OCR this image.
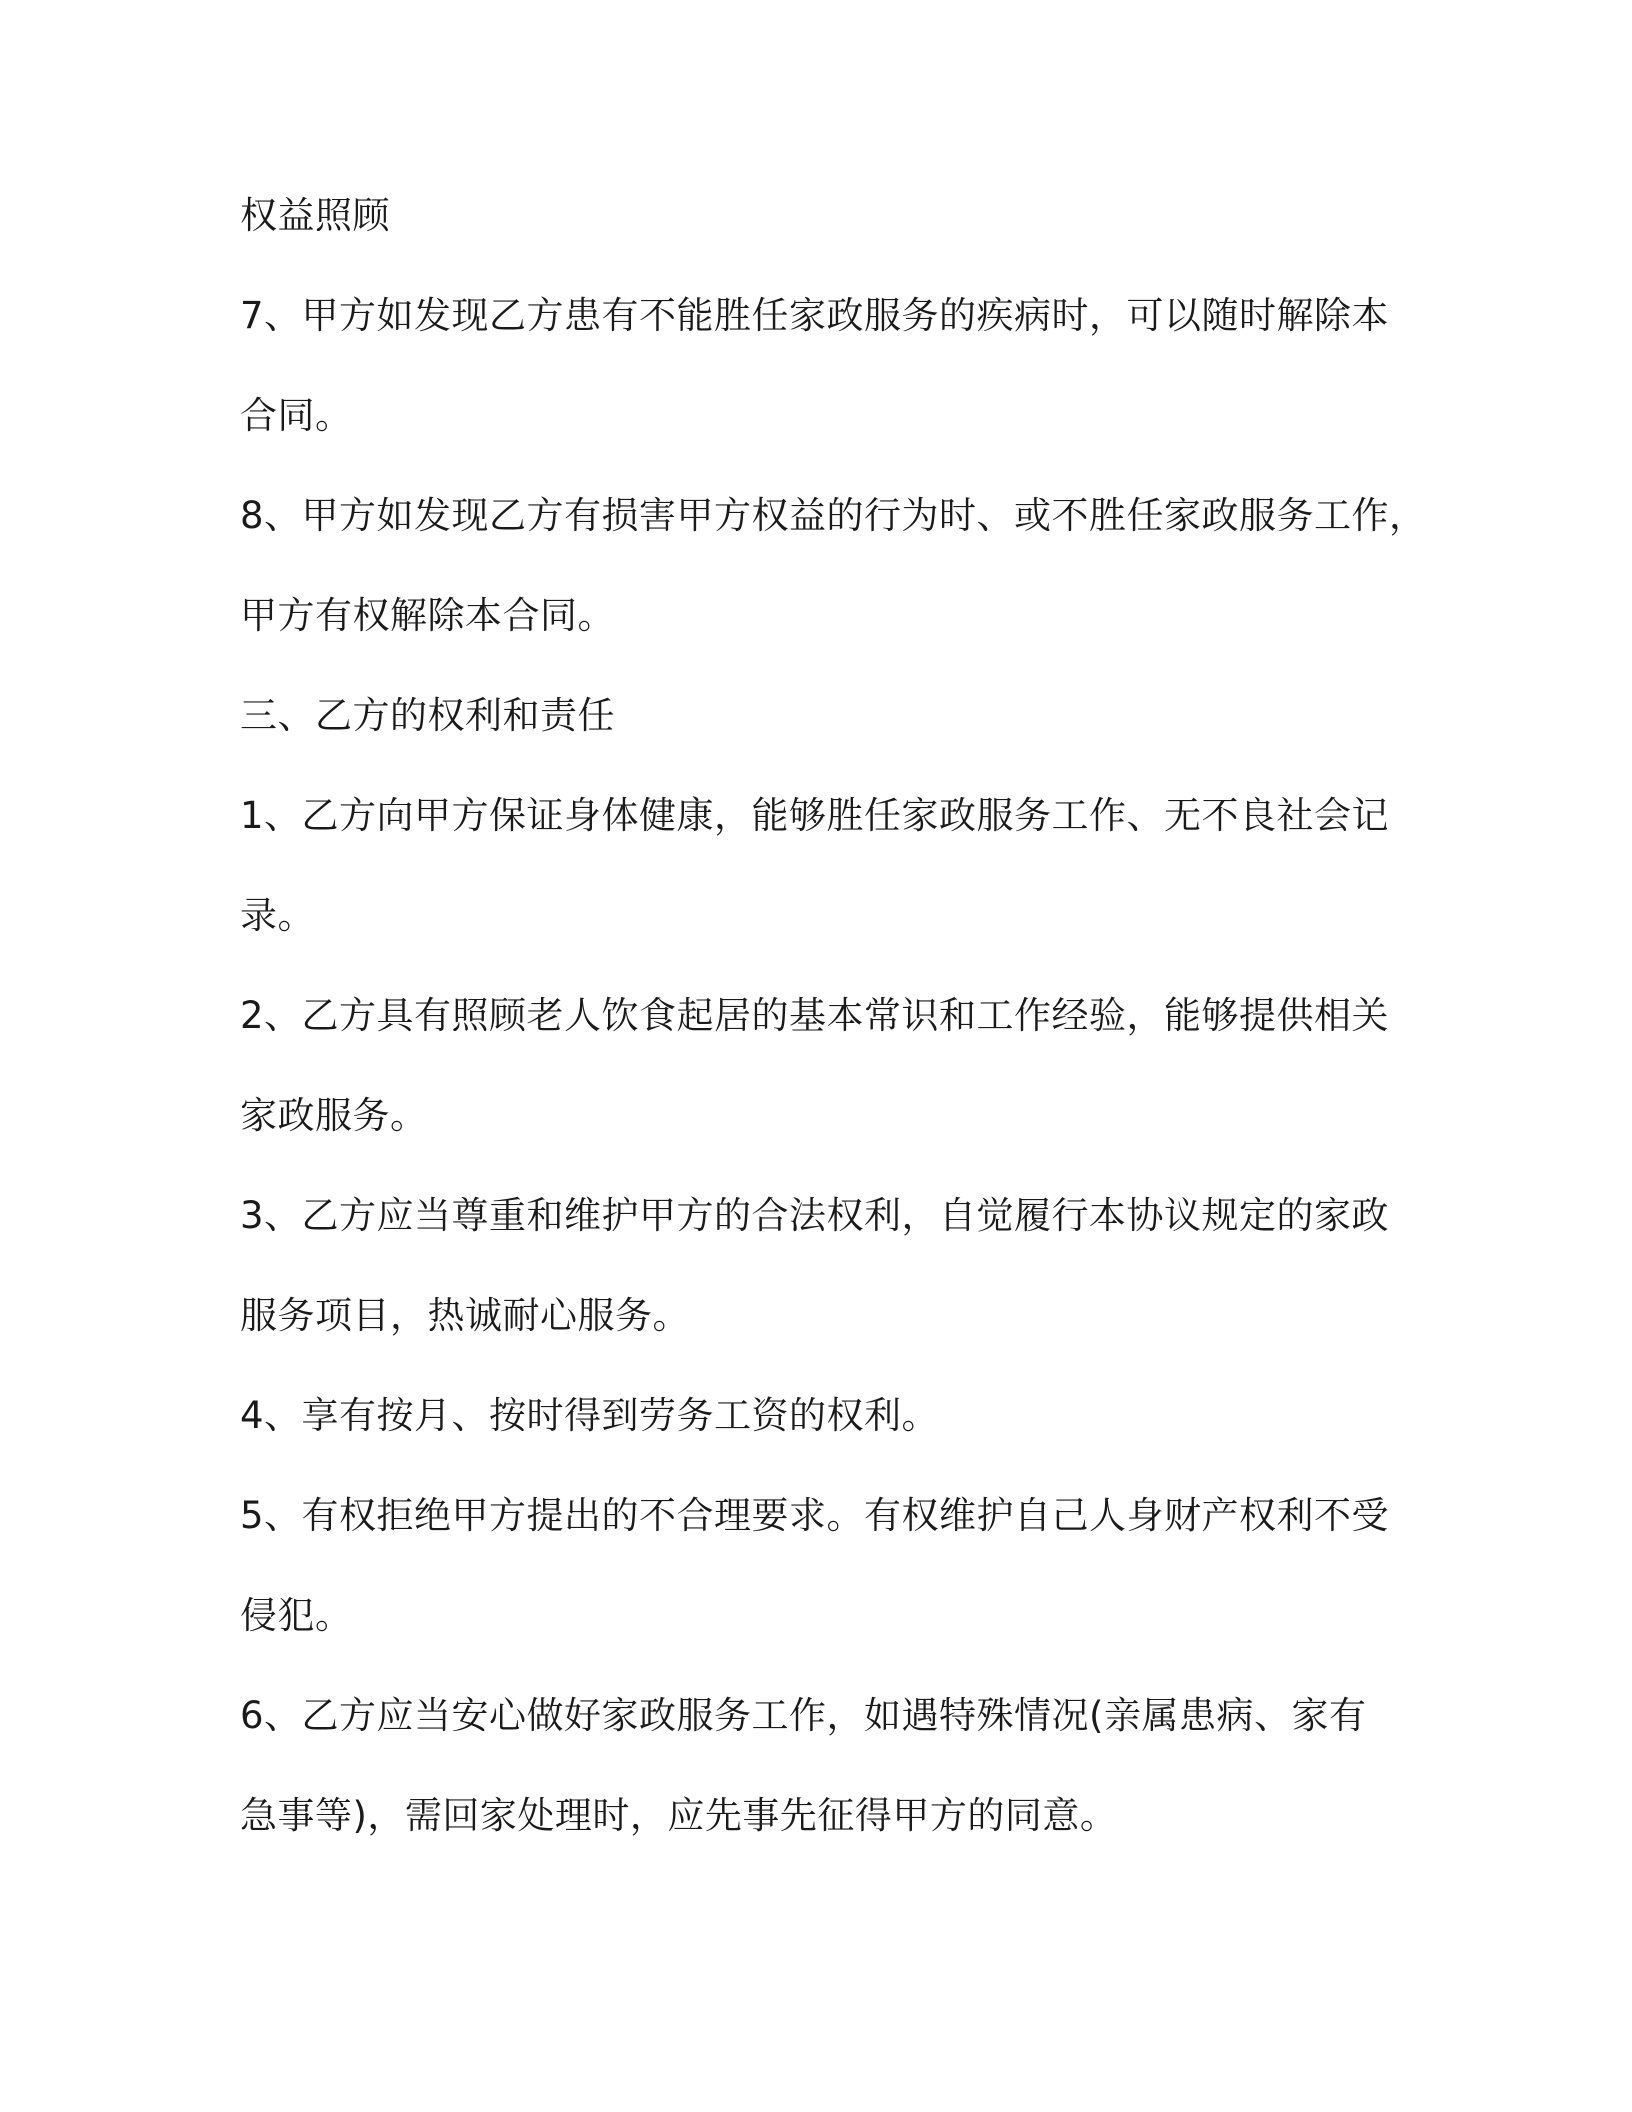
权益照顾
7、甲方如发现乙方患有不能胜任家政服务的疾病时，可以随时解除本
合同。
8、甲方如发现乙方有损害甲方权益的行为时、或不胜任家政服务工作，
甲方有权解除本合同。
三、乙方的权利和责任
1、乙方向甲方保证身体健康，能够胜任家政服务工作、无不良社会记
录。
2、乙方具有照顾老人饮食起居的基本常识和工作经验，能够提供相关
家政服务。
3、乙方应当尊重和维护甲方的合法权利，自觉履行本协议规定的家政
服务项目，热诚耐心服务。
4、享有按月、按时得到劳务工资的权利。
5、有权拒绝甲方提出的不合理要求。有权维护自己人身财产权利不受
侵犯。
6、乙方应当安心做好家政服务工作，如遇特殊情况(亲属患病、家有
急事等)，需回家处理时，应先事先征得甲方的同意。
